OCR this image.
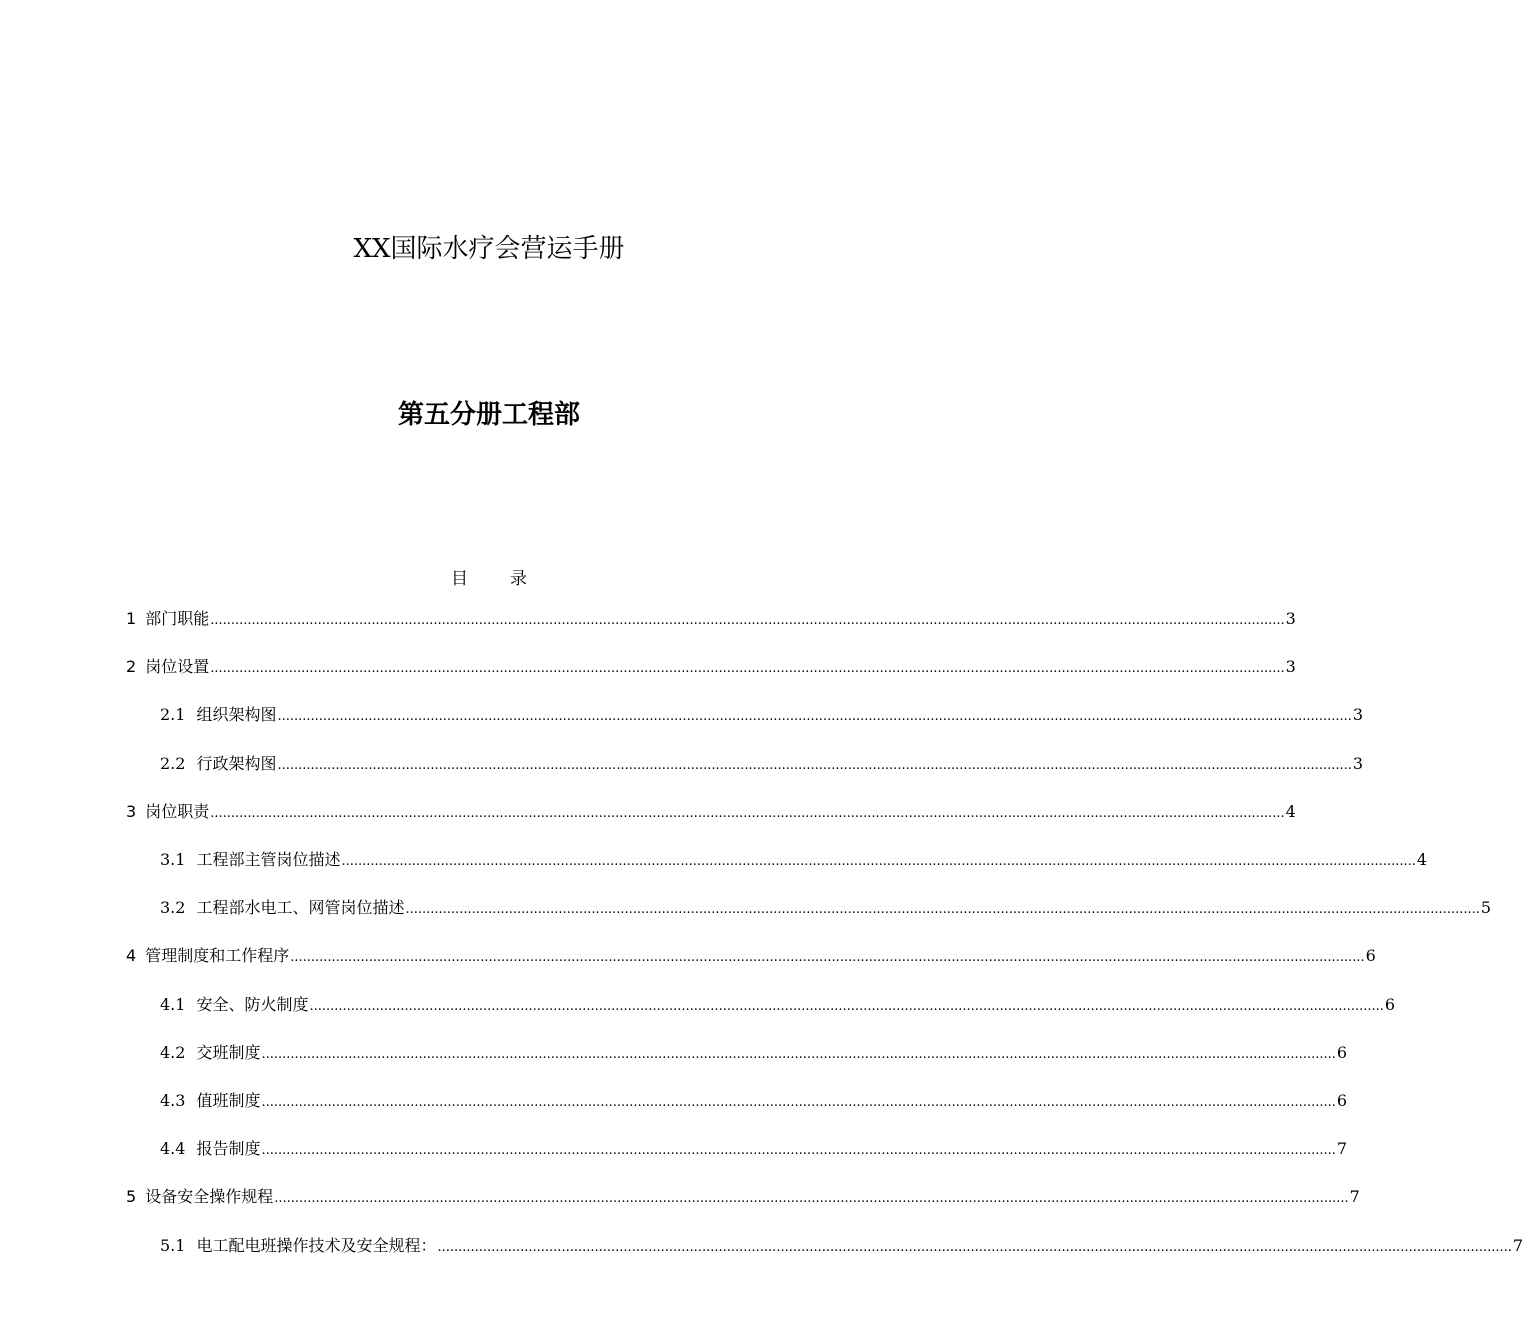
XX国际水疗会营运手册
第五分册工程部
目 录
1 部门职能 .................................................................................................................................................................................................................................................................... 3
2 岗位设置 .................................................................................................................................................................................................................................................................... 3
2.1 组织架构图 .................................................................................................................................................................................................................................................................... 3
2.2 行政架构图 .................................................................................................................................................................................................................................................................... 3
3 岗位职责 .................................................................................................................................................................................................................................................................... 4
3.1 工程部主管岗位描述 .................................................................................................................................................................................................................................................................... 4
3.2 工程部水电工、网管岗位描述 .................................................................................................................................................................................................................................................................... 5
4 管理制度和工作程序 .................................................................................................................................................................................................................................................................... 6
4.1 安全、防火制度 .................................................................................................................................................................................................................................................................... 6
4.2 交班制度 .................................................................................................................................................................................................................................................................... 6
4.3 值班制度 .................................................................................................................................................................................................................................................................... 6
4.4 报告制度 .................................................................................................................................................................................................................................................................... 7
5 设备安全操作规程 .................................................................................................................................................................................................................................................................... 7
5.1 电工配电班操作技术及安全规程： .................................................................................................................................................................................................................................................................... 7
